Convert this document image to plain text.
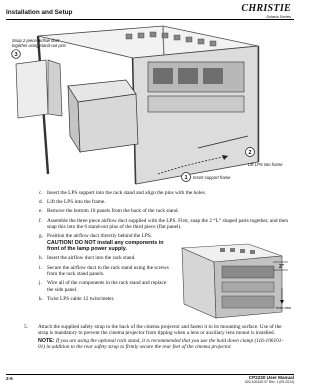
Installation and Setup	CHRISTIE
Solaria Series
Snap 2-piece airflow duct
together using stand-out pins
3
2
Lift LPS into frame
1 Insert support frame
c. Insert the LPS support into the rack stand and align the pins with the holes.
d. Lift the LPS into the frame.
e. Remove the bottom 10 panels from the back of the rack stand.
f. Assemble the three piece airflow duct supplied with the LPS. First, snap the 2 “L” shaped parts together, and then snap this into the 6 stand-out pins of the third piece (flat panel).
g. Position the airflow duct directly behind the LPS.
CAUTION! DO NOT install any components in front of the lamp power supply.
h. Insert the airflow duct into the rack stand.
i. Secure the airflow duct to the rack stand using the screws from the rack stand panels.
j. Wire all of the components in the rack stand and replace the side panel.
k. Twist LPS cable 12 twist/meter.
2"
Keep clear
5.	Attach the supplied safety strap to the back of the cinema projector and fasten it to its mounting surface. Use of the strap is mandatory to prevent the cinema projector from tipping when a lens or auxiliary lens mount is installed.
NOTE: If you are using the optional rack stand, it is recommended that you use the hold down clamp (116-106101-01) in addition to the rear safety strap to firmly secure the rear feet of the cinema projector.
2-6	CP2230 User Manual
020-100430-07 Rev. 1 (09-2014)
